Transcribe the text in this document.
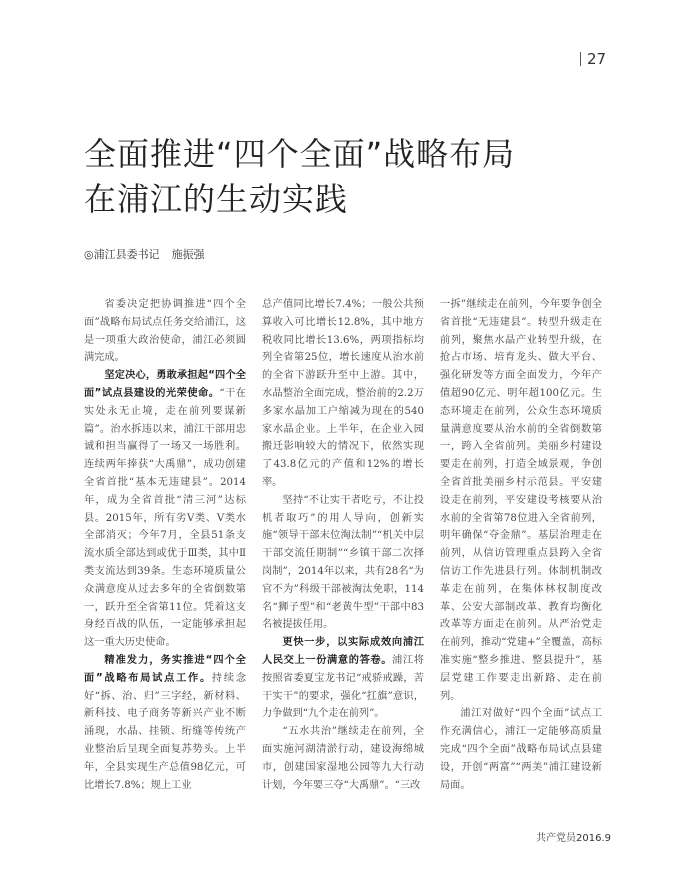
27
全面推进“四个全面”战略布局
在浦江的生动实践
◎浦江县委书记 施振强

省委决定把协调推进“四个全面”战略布局试点任务交给浦江，这是一项重大政治使命，浦江必须圆满完成。

坚定决心，勇敢承担起“四个全面”试点县建设的光荣使命。“干在实处永无止境，走在前列要谋新篇”。治水拆违以来，浦江干部用忠诚和担当赢得了一场又一场胜利。连续两年捧获“大禹鼎”，成功创建全省首批“基本无违建县”。2014年，成为全省首批“清三河”达标县。2015年，所有劣Ⅴ类、Ⅴ类水全部消灭；今年7月，全县51条支流水质全部达到或优于Ⅲ类，其中Ⅱ类支流达到39条。生态环境质量公众满意度从过去多年的全省倒数第一，跃升至全省第11位。凭着这支身经百战的队伍，一定能够承担起这一重大历史使命。

精准发力，务实推进“四个全面”战略布局试点工作。持续念好“拆、治、归”三字经，新材料、新科技、电子商务等新兴产业不断涌现，水晶、挂锁、绗缝等传统产业整治后呈现全面复苏势头。上半年，全县实现生产总值98亿元，可比增长7.8%；规上工业

总产值同比增长7.4%；一般公共预算收入可比增长12.8%，其中地方税收同比增长13.6%，两项指标均列全省第25位，增长速度从治水前的全省下游跃升至中上游。其中，水晶整治全面完成，整治前的2.2万多家水晶加工户缩减为现在的540家水晶企业。上半年，在企业入园搬迁影响较大的情况下，依然实现了43.8亿元的产值和12%的增长率。

坚持“不让实干者吃亏，不让投机者取巧”的用人导向，创新实施“领导干部末位淘汰制”“机关中层干部交流任期制”“乡镇干部二次择岗制”，2014年以来，共有28名“为官不为”科级干部被淘汰免职，114名“狮子型”和“老黄牛型”干部中83名被提拔任用。

更快一步，以实际成效向浦江人民交上一份满意的答卷。浦江将按照省委夏宝龙书记“戒骄戒躁，苦干实干”的要求，强化“扛旗”意识，力争做到“九个走在前列”。

“五水共治”继续走在前列，全面实施河湖清淤行动，建设海绵城市，创建国家湿地公园等九大行动计划，今年要三夺“大禹鼎”。“三改

一拆”继续走在前列，今年要争创全省首批“无违建县”。转型升级走在前列，聚焦水晶产业转型升级，在抢占市场、培育龙头、做大平台、强化研发等方面全面发力，今年产值超90亿元、明年超100亿元。生态环境走在前列，公众生态环境质量满意度要从治水前的全省倒数第一，跨入全省前列。美丽乡村建设要走在前列，打造全域景观，争创全省首批美丽乡村示范县。平安建设走在前列，平安建设考核要从治水前的全省第78位进入全省前列，明年确保“夺金鼎”。基层治理走在前列，从信访管理重点县跨入全省信访工作先进县行列。体制机制改革走在前列，在集体林权制度改革、公安大部制改革、教育均衡化改革等方面走在前列。从严治党走在前列，推动“党建+”全覆盖，高标准实施“整乡推进、整县提升”，基层党建工作要走出新路、走在前列。

浦江对做好“四个全面”试点工作充满信心，浦江一定能够高质量完成“四个全面”战略布局试点县建设，开创“两富”“两美”浦江建设新局面。

共产党员2016.9
